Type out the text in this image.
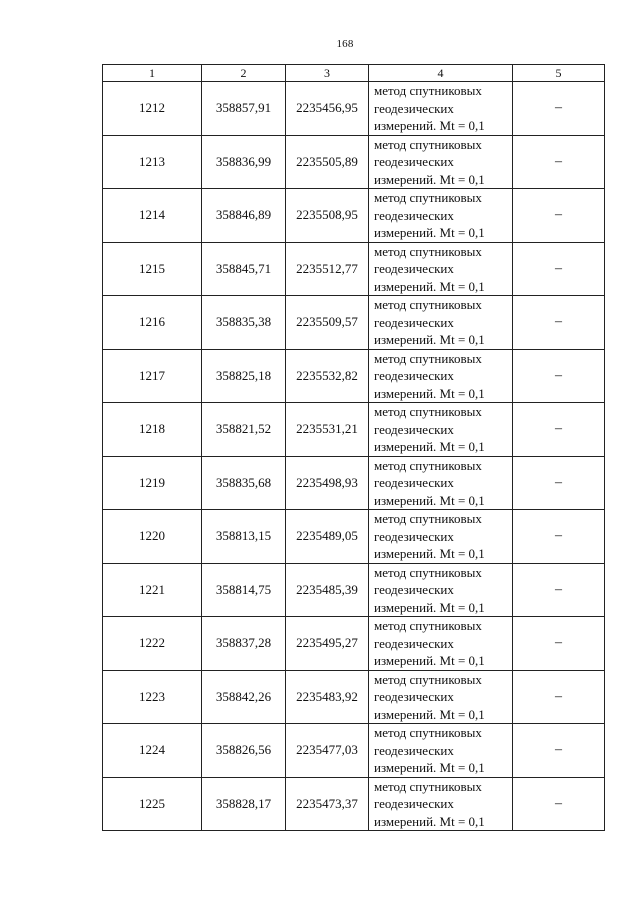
168
1	2	3	4	5
1212	358857,91	2235456,95	метод спутниковых
геодезических
измерений. Mt = 0,1	–
1213	358836,99	2235505,89	метод спутниковых
геодезических
измерений. Mt = 0,1	–
1214	358846,89	2235508,95	метод спутниковых
геодезических
измерений. Mt = 0,1	–
1215	358845,71	2235512,77	метод спутниковых
геодезических
измерений. Mt = 0,1	–
1216	358835,38	2235509,57	метод спутниковых
геодезических
измерений. Mt = 0,1	–
1217	358825,18	2235532,82	метод спутниковых
геодезических
измерений. Mt = 0,1	–
1218	358821,52	2235531,21	метод спутниковых
геодезических
измерений. Mt = 0,1	–
1219	358835,68	2235498,93	метод спутниковых
геодезических
измерений. Mt = 0,1	–
1220	358813,15	2235489,05	метод спутниковых
геодезических
измерений. Mt = 0,1	–
1221	358814,75	2235485,39	метод спутниковых
геодезических
измерений. Mt = 0,1	–
1222	358837,28	2235495,27	метод спутниковых
геодезических
измерений. Mt = 0,1	–
1223	358842,26	2235483,92	метод спутниковых
геодезических
измерений. Mt = 0,1	–
1224	358826,56	2235477,03	метод спутниковых
геодезических
измерений. Mt = 0,1	–
1225	358828,17	2235473,37	метод спутниковых
геодезических
измерений. Mt = 0,1	–
